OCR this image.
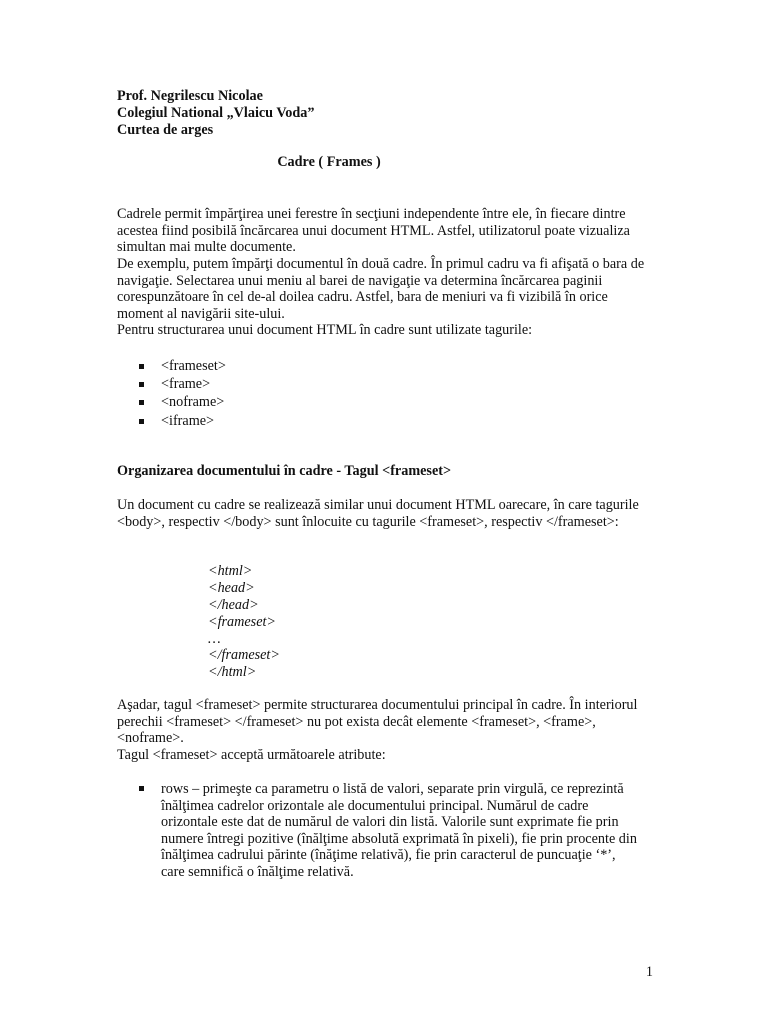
Prof. Negrilescu Nicolae
Colegiul National „Vlaicu Voda”
Curtea de arges
Cadre ( Frames )

Cadrele permit împărţirea unei ferestre în secţiuni independente între ele, în fiecare dintre acestea fiind posibilă încărcarea unui document HTML. Astfel, utilizatorul poate vizualiza simultan mai multe documente.

De exemplu, putem împărţi documentul în două cadre. În primul cadru va fi afişată o bara de navigaţie. Selectarea unui meniu al barei de navigaţie va determina încărcarea paginii corespunzătoare în cel de-al doilea cadru. Astfel, bara de meniuri va fi vizibilă în orice moment al navigării site-ului.

Pentru structurarea unui document HTML în cadre sunt utilizate tagurile:

<frameset>
<frame>
<noframe>
<iframe>
Organizarea documentului în cadre - Tagul <frameset>

Un document cu cadre se realizează similar unui document HTML oarecare, în care tagurile <body>, respectiv </body> sunt înlocuite cu tagurile <frameset>, respectiv </frameset>:

<html>
<head>
</head>
<frameset>
…
</frameset>
</html>

Aşadar, tagul <frameset> permite structurarea documentului principal în cadre. În interiorul perechii <frameset> </frameset> nu pot exista decât elemente <frameset>, <frame>, <noframe>.

Tagul <frameset> acceptă următoarele atribute:

rows – primeşte ca parametru o listă de valori, separate prin virgulă, ce reprezintă înălţimea cadrelor orizontale ale documentului principal. Numărul de cadre orizontale este dat de numărul de valori din listă. Valorile sunt exprimate fie prin numere întregi pozitive (înălţime absolută exprimată în pixeli), fie prin procente din înălţimea cadrului părinte (înăţime relativă), fie prin caracterul de puncuaţie ‘*’, care semnifică o înălţime relativă.

1
